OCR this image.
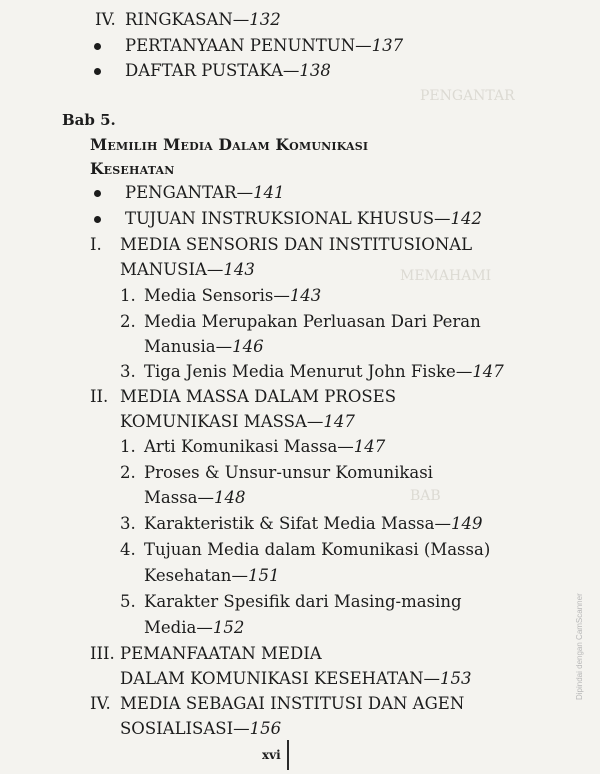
PENGANTAR
MEMAHAMI
BAB
IV. RINGKASAN—132
PERTANYAAN PENUNTUN—137
DAFTAR PUSTAKA—138
Bab 5.
Memilih Media Dalam Komunikasi
Kesehatan
PENGANTAR—141
TUJUAN INSTRUKSIONAL KHUSUS—142
I. MEDIA SENSORIS DAN INSTITUSIONAL
MANUSIA—143
1. Media Sensoris—143
2. Media Merupakan Perluasan Dari Peran
Manusia—146
3. Tiga Jenis Media Menurut John Fiske—147
II. MEDIA MASSA DALAM PROSES
KOMUNIKASI MASSA—147
1. Arti Komunikasi Massa—147
2. Proses & Unsur-unsur Komunikasi
Massa—148
3. Karakteristik & Sifat Media Massa—149
4. Tujuan Media dalam Komunikasi (Massa)
Kesehatan—151
5. Karakter Spesifik dari Masing-masing
Media—152
III. PEMANFAATAN MEDIA
DALAM KOMUNIKASI KESEHATAN—153
IV. MEDIA SEBAGAI INSTITUSI DAN AGEN
SOSIALISASI—156
xvi
Dipindai dengan CamScanner
